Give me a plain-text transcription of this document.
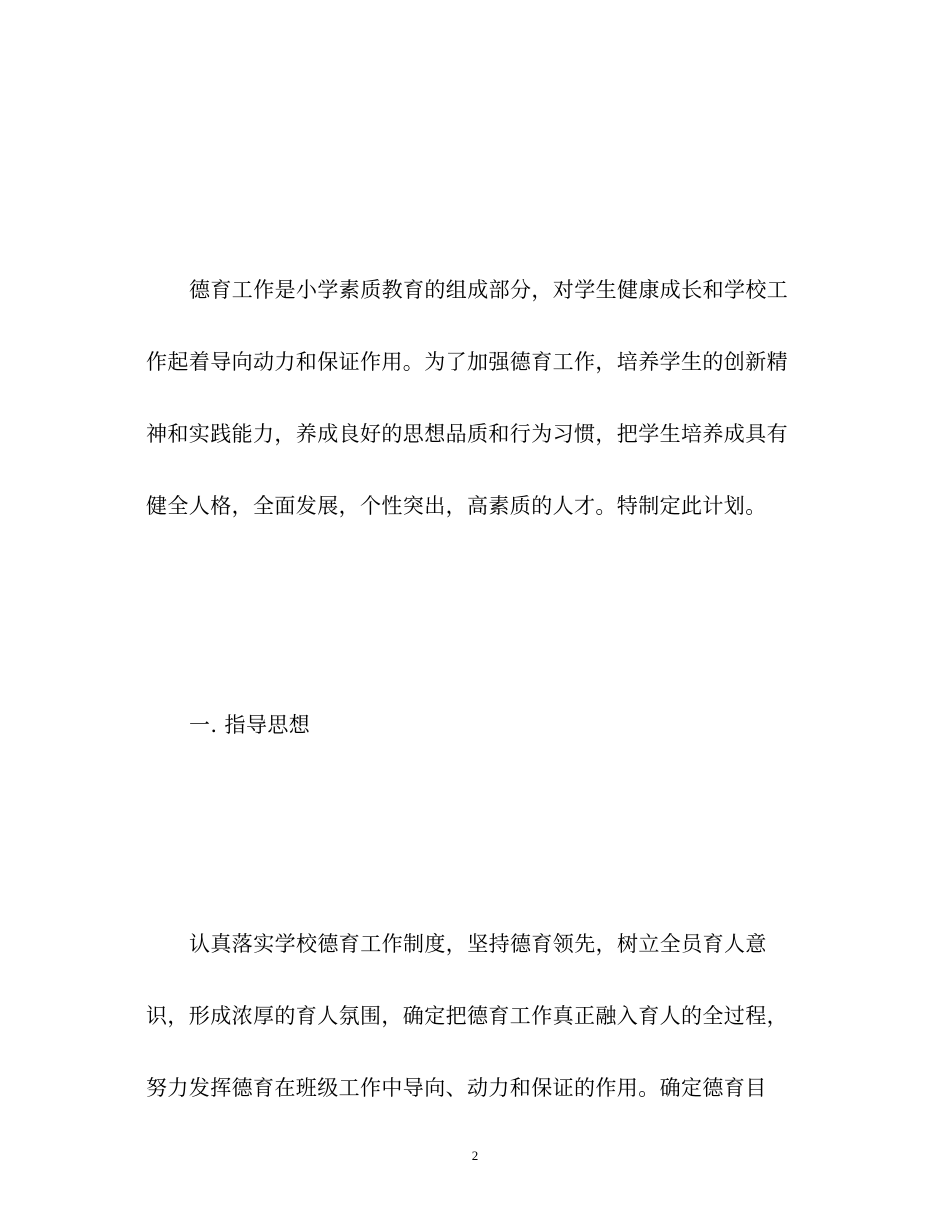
德育工作是小学素质教育的组成部分，对学生健康成长和学校工
作起着导向动力和保证作用。为了加强德育工作，培养学生的创新精
神和实践能力，养成良好的思想品质和行为习惯，把学生培养成具有
健全人格，全面发展，个性突出，高素质的人才。特制定此计划。
一. 指导思想
认真落实学校德育工作制度，坚持德育领先，树立全员育人意
识，形成浓厚的育人氛围，确定把德育工作真正融入育人的全过程，
努力发挥德育在班级工作中导向、动力和保证的作用。确定德育目
2
